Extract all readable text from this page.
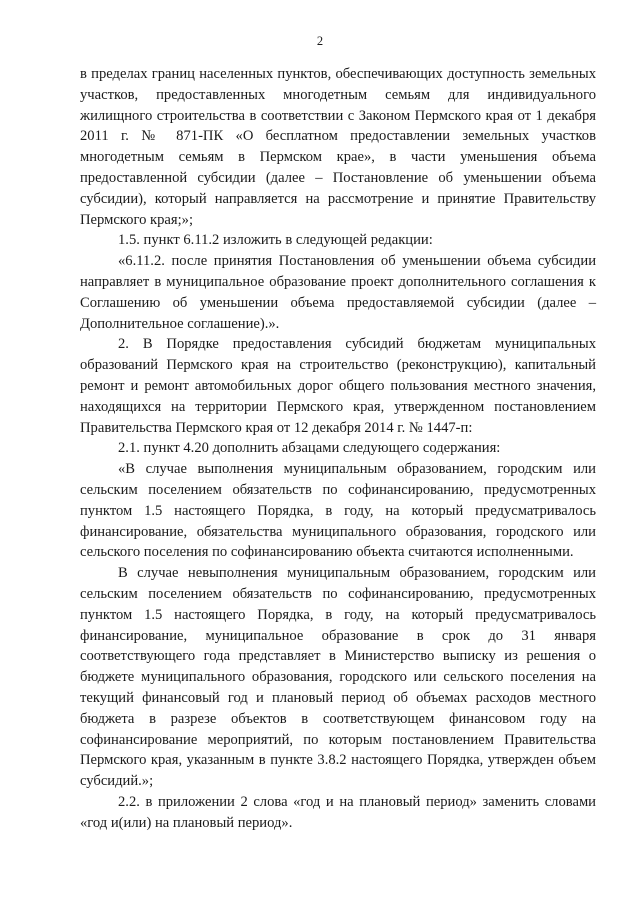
2

в пределах границ населенных пунктов, обеспечивающих доступность земельных участков, предоставленных многодетным семьям для индивидуального жилищного строительства в соответствии с Законом Пермского края от 1 декабря 2011 г. № 871-ПК «О бесплатном предоставлении земельных участков многодетным семьям в Пермском крае», в части уменьшения объема предоставленной субсидии (далее – Постановление об уменьшении объема субсидии), который направляется на рассмотрение и принятие Правительству Пермского края;»;

1.5. пункт 6.11.2 изложить в следующей редакции:

«6.11.2. после принятия Постановления об уменьшении объема субсидии направляет в муниципальное образование проект дополнительного соглашения к Соглашению об уменьшении объема предоставляемой субсидии (далее – Дополнительное соглашение).».

2. В Порядке предоставления субсидий бюджетам муниципальных образований Пермского края на строительство (реконструкцию), капитальный ремонт и ремонт автомобильных дорог общего пользования местного значения, находящихся на территории Пермского края, утвержденном постановлением Правительства Пермского края от 12 декабря 2014 г. № 1447-п:

2.1. пункт 4.20 дополнить абзацами следующего содержания:

«В случае выполнения муниципальным образованием, городским или сельским поселением обязательств по софинансированию, предусмотренных пунктом 1.5 настоящего Порядка, в году, на который предусматривалось финансирование, обязательства муниципального образования, городского или сельского поселения по софинансированию объекта считаются исполненными.

В случае невыполнения муниципальным образованием, городским или сельским поселением обязательств по софинансированию, предусмотренных пунктом 1.5 настоящего Порядка, в году, на который предусматривалось финансирование, муниципальное образование в срок до 31 января соответствующего года представляет в Министерство выписку из решения о бюджете муниципального образования, городского или сельского поселения на текущий финансовый год и плановый период об объемах расходов местного бюджета в разрезе объектов в соответствующем финансовом году на софинансирование мероприятий, по которым постановлением Правительства Пермского края, указанным в пункте 3.8.2 настоящего Порядка, утвержден объем субсидий.»;

2.2. в приложении 2 слова «год и на плановый период» заменить словами «год и(или) на плановый период».
